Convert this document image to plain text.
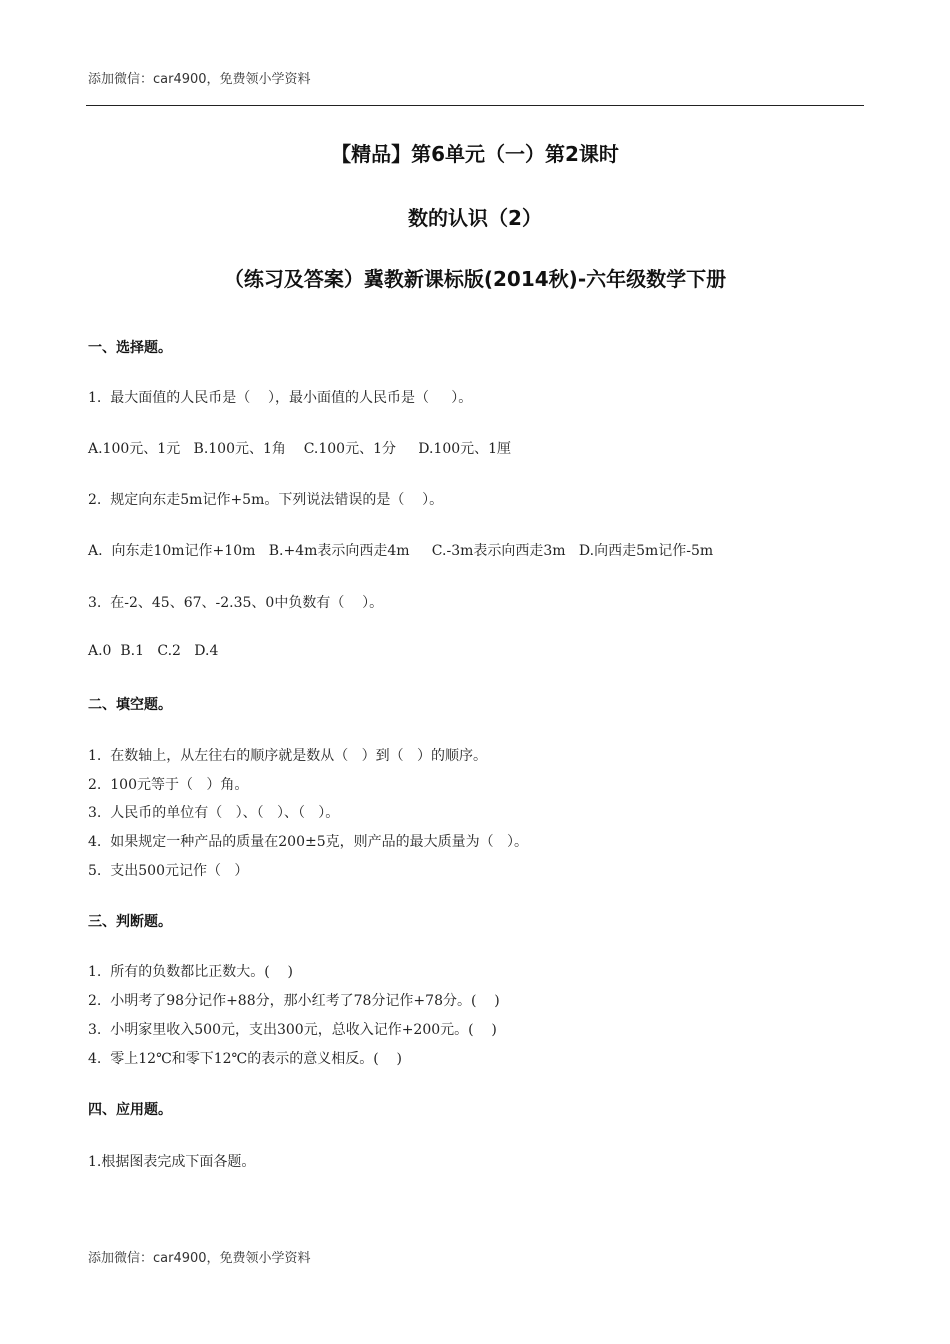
添加微信：car4900，免费领小学资料
【精品】第6单元（一）第2课时
数的认识（2）
（练习及答案）冀教新课标版(2014秋)-六年级数学下册
一、选择题。
1.  最大面值的人民币是（    ），最小面值的人民币是（     ）。
A.100元、1元   B.100元、1角    C.100元、1分     D.100元、1厘
2.  规定向东走5m记作+5m。下列说法错误的是（    ）。
A.  向东走10m记作+10m   B.+4m表示向西走4m     C.-3m表示向西走3m   D.向西走5m记作-5m
3.  在-2、45、67、-2.35、0中负数有（    ）。
A.0  B.1   C.2   D.4
二、填空题。
1.  在数轴上，从左往右的顺序就是数从（   ）到（   ）的顺序。
2.  100元等于（   ）角。
3.  人民币的单位有（   ）、（   ）、（   ）。
4.  如果规定一种产品的质量在200±5克，则产品的最大质量为（   ）。
5.  支出500元记作（   ）
三、判断题。
1.  所有的负数都比正数大。(    )
2.  小明考了98分记作+88分，那小红考了78分记作+78分。(    )
3.  小明家里收入500元，支出300元，总收入记作+200元。(    )
4.  零上12℃和零下12℃的表示的意义相反。(    )
四、应用题。
1.根据图表完成下面各题。
添加微信：car4900，免费领小学资料
